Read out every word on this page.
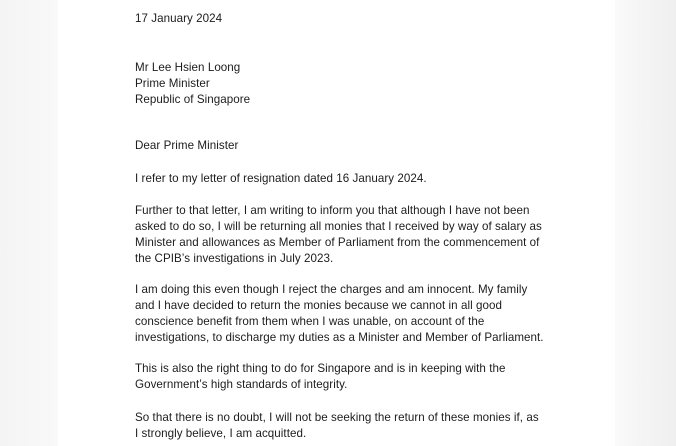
17 January 2024
Mr Lee Hsien Loong
Prime Minister
Republic of Singapore
Dear Prime Minister
I refer to my letter of resignation dated 16 January 2024.
Further to that letter, I am writing to inform you that although I have not been
asked to do so, I will be returning all monies that I received by way of salary as
Minister and allowances as Member of Parliament from the commencement of
the CPIB’s investigations in July 2023.
I am doing this even though I reject the charges and am innocent. My family
and I have decided to return the monies because we cannot in all good
conscience benefit from them when I was unable, on account of the
investigations, to discharge my duties as a Minister and Member of Parliament.
This is also the right thing to do for Singapore and is in keeping with the
Government’s high standards of integrity.
So that there is no doubt, I will not be seeking the return of these monies if, as
I strongly believe, I am acquitted.
